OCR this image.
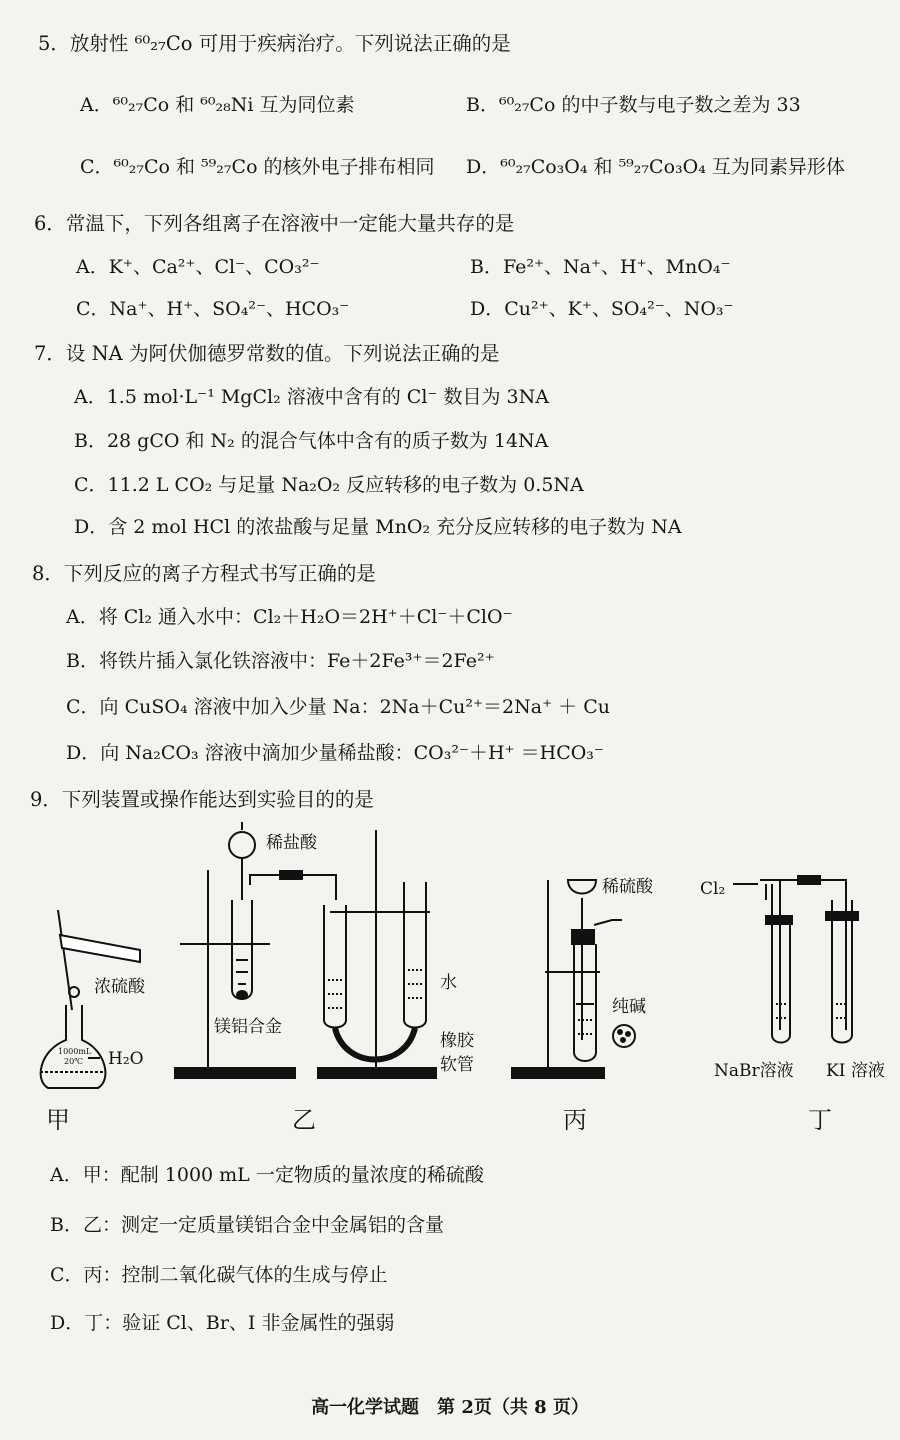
5．放射性 ⁶⁰₂₇Co 可用于疾病治疗。下列说法正确的是
A．⁶⁰₂₇Co 和 ⁶⁰₂₈Ni 互为同位素	B．⁶⁰₂₇Co 的中子数与电子数之差为 33
C．⁶⁰₂₇Co 和 ⁵⁹₂₇Co 的核外电子排布相同 D．⁶⁰₂₇Co₃O₄ 和 ⁵⁹₂₇Co₃O₄ 互为同素异形体
6．常温下，下列各组离子在溶液中一定能大量共存的是
A．K⁺、Ca²⁺、Cl⁻、CO₃²⁻	B．Fe²⁺、Na⁺、H⁺、MnO₄⁻
C．Na⁺、H⁺、SO₄²⁻、HCO₃⁻	D．Cu²⁺、K⁺、SO₄²⁻、NO₃⁻
7．设 NA 为阿伏伽德罗常数的值。下列说法正确的是
A．1.5 mol·L⁻¹ MgCl₂ 溶液中含有的 Cl⁻ 数目为 3NA
B．28 gCO 和 N₂ 的混合气体中含有的质子数为 14NA
C．11.2 L CO₂ 与足量 Na₂O₂ 反应转移的电子数为 0.5NA
D．含 2 mol HCl 的浓盐酸与足量 MnO₂ 充分反应转移的电子数为 NA
8．下列反应的离子方程式书写正确的是
A．将 Cl₂ 通入水中：Cl₂＋H₂O＝2H⁺＋Cl⁻＋ClO⁻
B．将铁片插入氯化铁溶液中：Fe＋2Fe³⁺＝2Fe²⁺
C．向 CuSO₄ 溶液中加入少量 Na：2Na＋Cu²⁺＝2Na⁺ ＋ Cu
D．向 Na₂CO₃ 溶液中滴加少量稀盐酸：CO₃²⁻＋H⁺ ＝HCO₃⁻
9．下列装置或操作能达到实验目的的是
浓硫酸
H₂O
1000mL
20℃
稀盐酸
镁铝合金
水
橡胶
软管
稀硫酸
纯碱
Cl₂
NaBr溶液 KI 溶液
甲	乙	丙	丁
A．甲：配制 1000 mL 一定物质的量浓度的稀硫酸
B．乙：测定一定质量镁铝合金中金属铝的含量
C．丙：控制二氧化碳气体的生成与停止
D．丁：验证 Cl、Br、I 非金属性的强弱
高一化学试题　第 2页（共 8 页）
